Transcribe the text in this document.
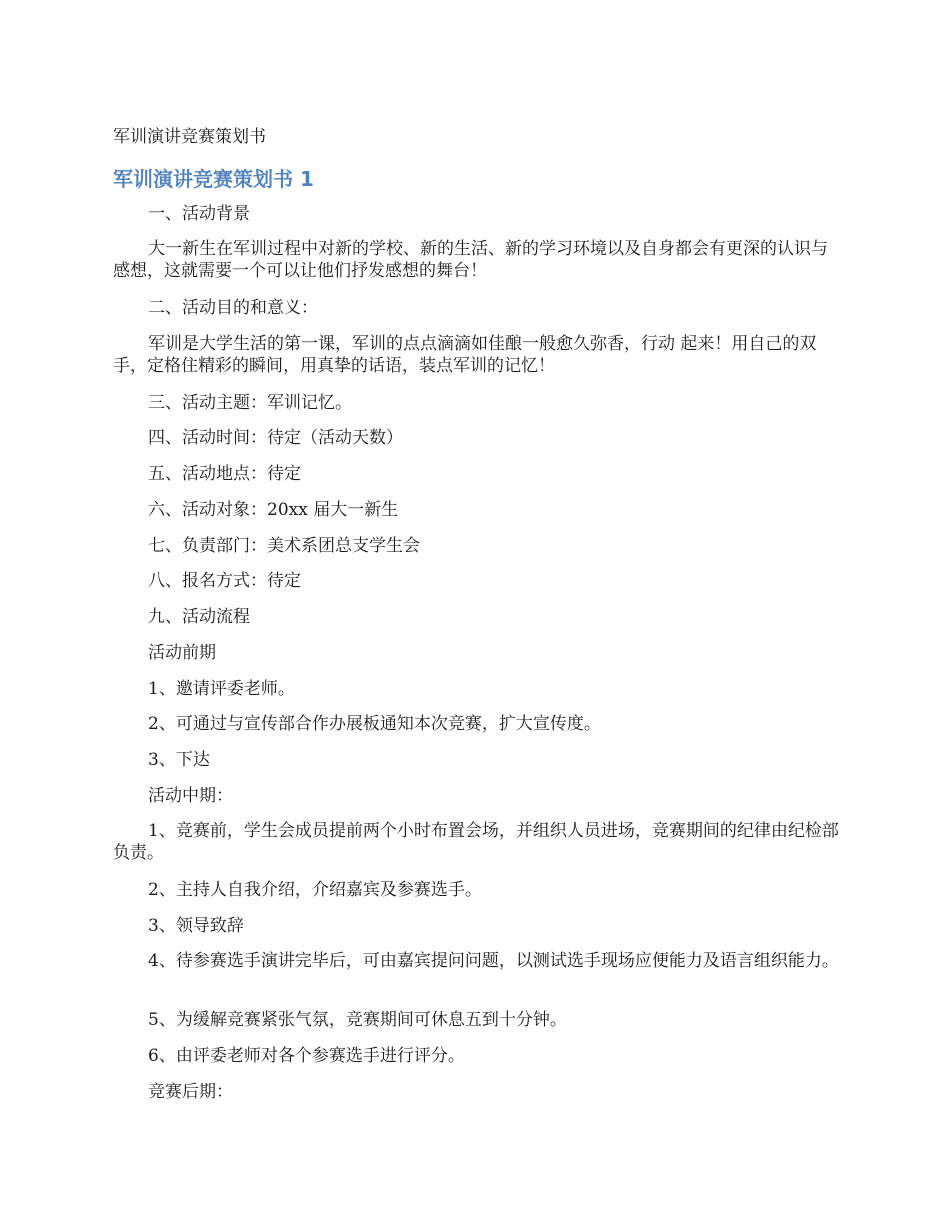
军训演讲竞赛策划书
军训演讲竞赛策划书 1

一、活动背景

大一新生在军训过程中对新的学校、新的生活、新的学习环境以及自身都会有更深的认识与感想，这就需要一个可以让他们抒发感想的舞台！

二、活动目的和意义：

军训是大学生活的第一课，军训的点点滴滴如佳酿一般愈久弥香，行动 起来！用自己的双手，定格住精彩的瞬间，用真挚的话语，装点军训的记忆！

三、活动主题：军训记忆。

四、活动时间：待定（活动天数）

五、活动地点：待定

六、活动对象：20xx 届大一新生

七、负责部门：美术系团总支学生会

八、报名方式：待定

九、活动流程

活动前期

1、邀请评委老师。

2、可通过与宣传部合作办展板通知本次竞赛，扩大宣传度。

3、下达

活动中期：

1、竞赛前，学生会成员提前两个小时布置会场，并组织人员进场，竞赛期间的纪律由纪检部负责。

2、主持人自我介绍，介绍嘉宾及参赛选手。

3、领导致辞

4、待参赛选手演讲完毕后，可由嘉宾提问问题，以测试选手现场应便能力及语言组织能力。

5、为缓解竞赛紧张气氛，竞赛期间可休息五到十分钟。

6、由评委老师对各个参赛选手进行评分。

竞赛后期：
